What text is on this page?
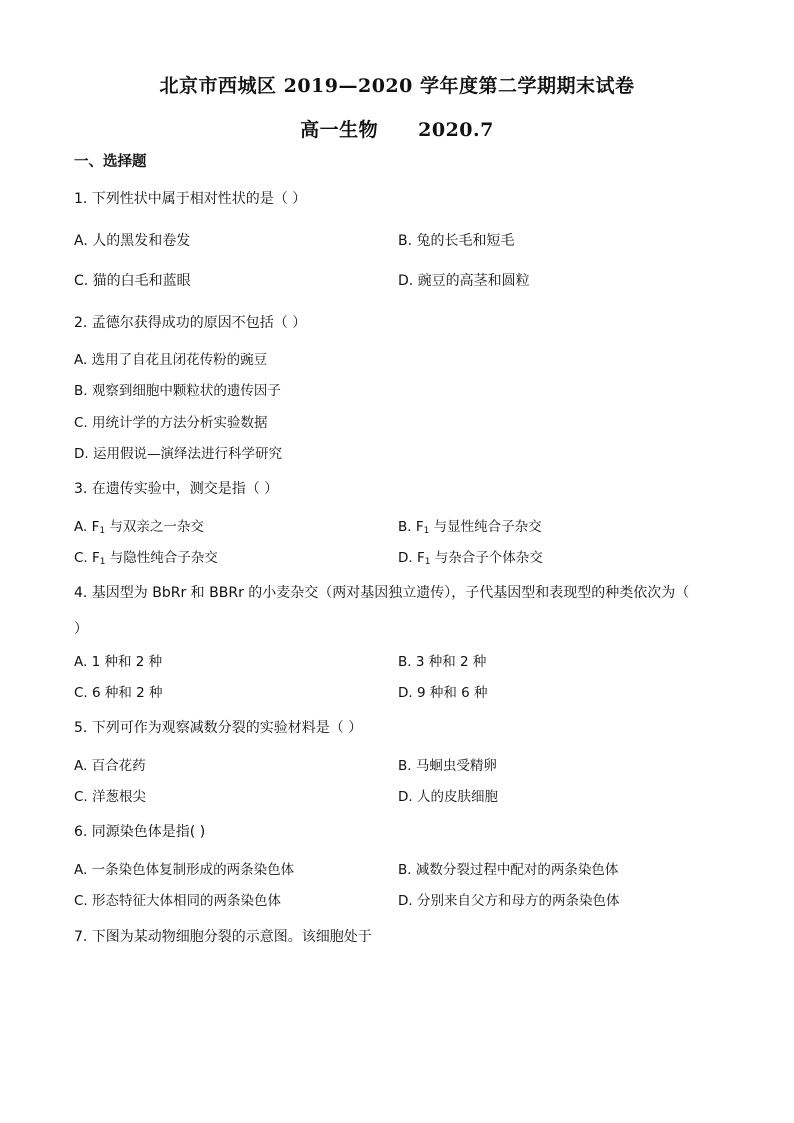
北京市西城区 2019—2020 学年度第二学期期末试卷
高一生物 2020.7
一、选择题
1. 下列性状中属于相对性状的是（ ）
A. 人的黑发和卷发	B. 兔的长毛和短毛
C. 猫的白毛和蓝眼	D. 豌豆的高茎和圆粒
2. 孟德尔获得成功的原因不包括（ ）
A. 选用了自花且闭花传粉的豌豆
B. 观察到细胞中颗粒状的遗传因子
C. 用统计学的方法分析实验数据
D. 运用假说—演绎法进行科学研究
3. 在遗传实验中，测交是指（ ）
A. $F_1$ 与双亲之一杂交	B. $F_1$ 与显性纯合子杂交
C. $F_1$ 与隐性纯合子杂交	D. $F_1$ 与杂合子个体杂交
4. 基因型为 BbRr 和 BBRr 的小麦杂交（两对基因独立遗传），子代基因型和表现型的种类依次为（
）
A. 1 种和 2 种	B. 3 种和 2 种
C. 6 种和 2 种	D. 9 种和 6 种
5. 下列可作为观察减数分裂的实验材料是（ ）
A. 百合花药	B. 马蛔虫受精卵
C. 洋葱根尖	D. 人的皮肤细胞
6. 同源染色体是指( )
A. 一条染色体复制形成的两条染色体	B. 减数分裂过程中配对的两条染色体
C. 形态特征大体相同的两条染色体	D. 分别来自父方和母方的两条染色体
7. 下图为某动物细胞分裂的示意图。该细胞处于
